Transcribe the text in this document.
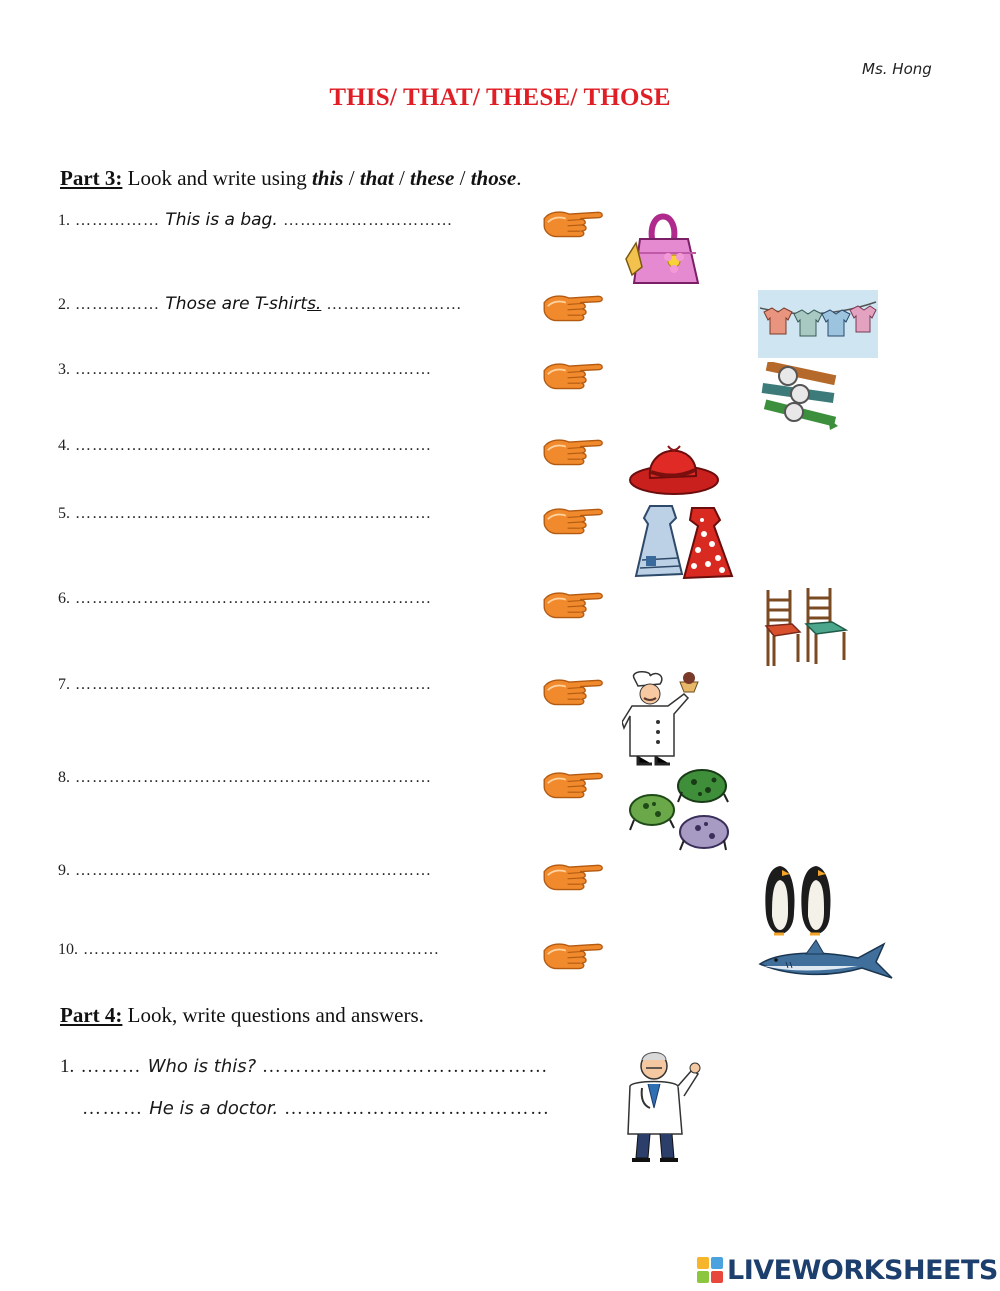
Ms. Hong
THIS/ THAT/ THESE/ THOSE
Part 3: Look and write using this / that / these / those.
1. …………… This is a bag. …………………………
2. …………… Those are T-shirts. ……………………
3. ………………………………………………………
4. ………………………………………………………
5. ………………………………………………………
6. ………………………………………………………
7. ………………………………………………………
8. ………………………………………………………
9. ………………………………………………………
10. ………………………………………………………
Part 4: Look, write questions and answers.
1. ……… Who is this? ……………………………………
……… He is a doctor. …………………………………
LIVEWORKSHEETS
